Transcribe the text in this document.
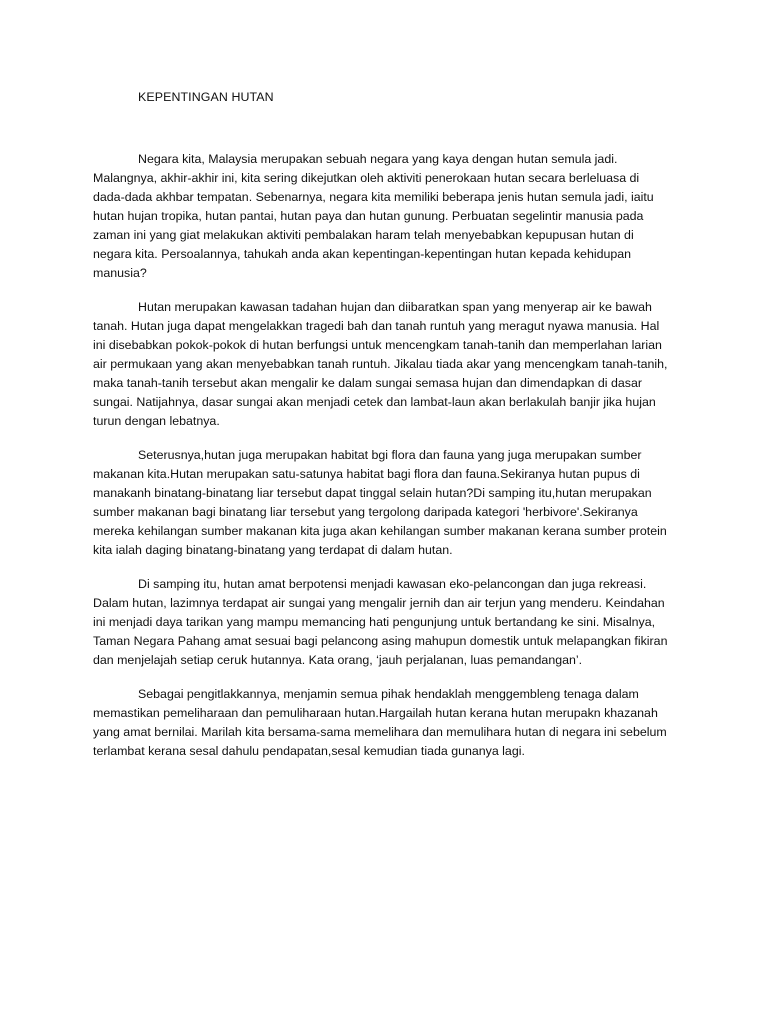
KEPENTINGAN HUTAN

Negara kita, Malaysia merupakan sebuah negara yang kaya dengan hutan semula jadi. Malangnya, akhir-akhir ini, kita sering dikejutkan oleh aktiviti penerokaan hutan secara berleluasa di dada-dada akhbar tempatan. Sebenarnya, negara kita memiliki beberapa jenis hutan semula jadi, iaitu hutan hujan tropika, hutan pantai, hutan paya dan hutan gunung. Perbuatan segelintir manusia pada zaman ini yang giat melakukan aktiviti pembalakan haram telah menyebabkan kepupusan hutan di negara kita. Persoalannya, tahukah anda akan kepentingan-kepentingan hutan kepada kehidupan manusia?

Hutan merupakan kawasan tadahan hujan dan diibaratkan span yang menyerap air ke bawah tanah. Hutan juga dapat mengelakkan tragedi bah dan tanah runtuh yang meragut nyawa manusia. Hal ini disebabkan pokok-pokok di hutan berfungsi untuk mencengkam tanah-tanih dan memperlahan larian air permukaan yang akan menyebabkan tanah runtuh. Jikalau tiada akar yang mencengkam tanah-tanih, maka tanah-tanih tersebut akan mengalir ke dalam sungai semasa hujan dan dimendapkan di dasar sungai. Natijahnya, dasar sungai akan menjadi cetek dan lambat-laun akan berlakulah banjir jika hujan turun dengan lebatnya.

Seterusnya,hutan juga merupakan habitat bgi flora dan fauna yang juga merupakan sumber makanan kita.Hutan merupakan satu-satunya habitat bagi flora dan fauna.Sekiranya hutan pupus di manakanh binatang-binatang liar tersebut dapat tinggal selain hutan?Di samping itu,hutan merupakan sumber makanan bagi binatang liar tersebut yang tergolong daripada kategori 'herbivore'.Sekiranya mereka kehilangan sumber makanan kita juga akan kehilangan sumber makanan kerana sumber protein kita ialah daging binatang-binatang yang terdapat di dalam hutan.

Di samping itu, hutan amat berpotensi menjadi kawasan eko-pelancongan dan juga rekreasi. Dalam hutan, lazimnya terdapat air sungai yang mengalir jernih dan air terjun yang menderu. Keindahan ini menjadi daya tarikan yang mampu memancing hati pengunjung untuk bertandang ke sini. Misalnya, Taman Negara Pahang amat sesuai bagi pelancong asing mahupun domestik untuk melapangkan fikiran dan menjelajah setiap ceruk hutannya. Kata orang, ‘jauh perjalanan, luas pemandangan’.

Sebagai pengitlakkannya, menjamin semua pihak hendaklah menggembleng tenaga dalam memastikan pemeliharaan dan pemuliharaan hutan.Hargailah hutan kerana hutan merupakn khazanah yang amat bernilai. Marilah kita bersama-sama memelihara dan memulihara hutan di negara ini sebelum terlambat kerana sesal dahulu pendapatan,sesal kemudian tiada gunanya lagi.
